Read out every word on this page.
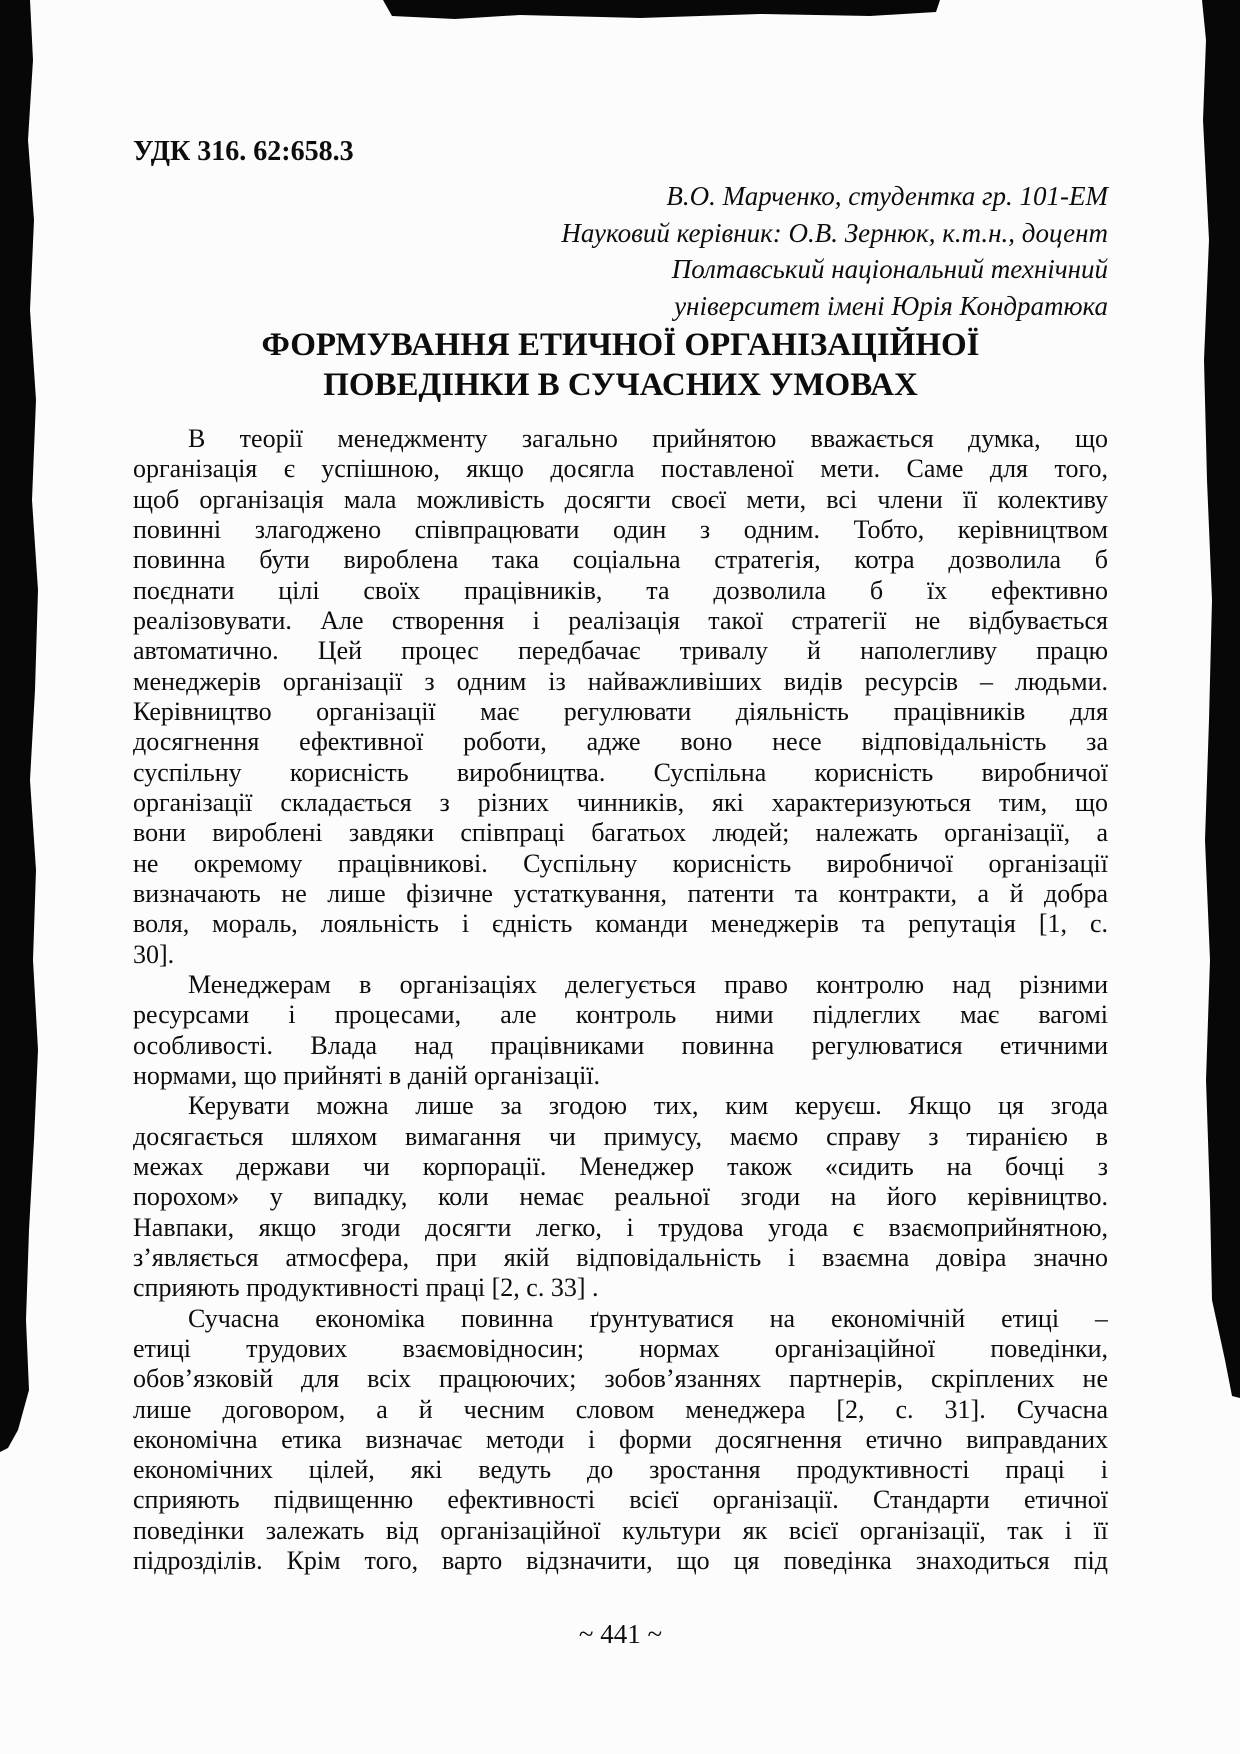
УДК 316. 62:658.3
В.О. Марченко, студентка гр. 101-ЕМ
Науковий керівник: О.В. Зернюк, к.т.н., доцент
Полтавський національний технічний
університет імені Юрія Кондратюка
ФОРМУВАННЯ ЕТИЧНОЇ ОРГАНІЗАЦІЙНОЇ
ПОВЕДІНКИ В СУЧАСНИХ УМОВАХ
В теорії менеджменту загально прийнятою вважається думка, що
організація є успішною, якщо досягла поставленої мети. Саме для того,
щоб організація мала можливість досягти своєї мети, всі члени її колективу
повинні злагоджено співпрацювати один з одним. Тобто, керівництвом
повинна бути вироблена така соціальна стратегія, котра дозволила б
поєднати цілі своїх працівників, та дозволила б їх ефективно
реалізовувати. Але створення і реалізація такої стратегії не відбувається
автоматично. Цей процес передбачає тривалу й наполегливу працю
менеджерів організації з одним із найважливіших видів ресурсів – людьми.
Керівництво організації має регулювати діяльність працівників для
досягнення ефективної роботи, адже воно несе відповідальність за
суспільну корисність виробництва. Суспільна корисність виробничої
організації складається з різних чинників, які характеризуються тим, що
вони вироблені завдяки співпраці багатьох людей; належать організації, а
не окремому працівникові. Суспільну корисність виробничої організації
визначають не лише фізичне устаткування, патенти та контракти, а й добра
воля, мораль, лояльність і єдність команди менеджерів та репутація [1, с.
30].
Менеджерам в організаціях делегується право контролю над різними
ресурсами і процесами, але контроль ними підлеглих має вагомі
особливості. Влада над працівниками повинна регулюватися етичними
нормами, що прийняті в даній організації.
Керувати можна лише за згодою тих, ким керуєш. Якщо ця згода
досягається шляхом вимагання чи примусу, маємо справу з тиранією в
межах держави чи корпорації. Менеджер також «сидить на бочці з
порохом» у випадку, коли немає реальної згоди на його керівництво.
Навпаки, якщо згоди досягти легко, і трудова угода є взаємоприйнятною,
з’являється атмосфера, при якій відповідальність і взаємна довіра значно
сприяють продуктивності праці [2, с. 33] .
Сучасна економіка повинна ґрунтуватися на економічній етиці –
етиці трудових взаємовідносин; нормах організаційної поведінки,
обов’язковій для всіх працюючих; зобов’язаннях партнерів, скріплених не
лише договором, а й чесним словом менеджера [2, с. 31]. Сучасна
економічна етика визначає методи і форми досягнення етично виправданих
економічних цілей, які ведуть до зростання продуктивності праці і
сприяють підвищенню ефективності всієї організації. Стандарти етичної
поведінки залежать від організаційної культури як всієї організації, так і її
підрозділів. Крім того, варто відзначити, що ця поведінка знаходиться під
~ 441 ~
